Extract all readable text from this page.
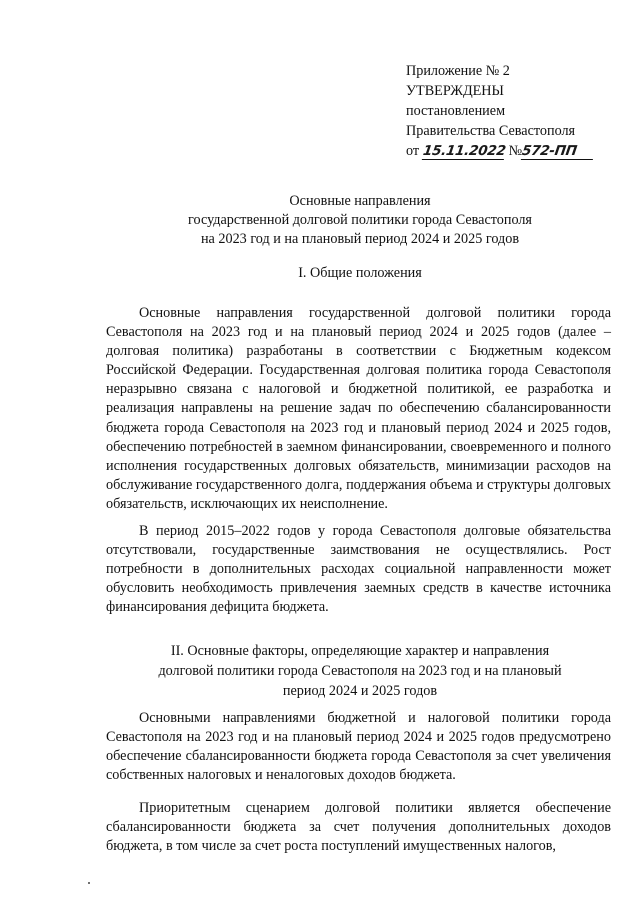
Приложение № 2
УТВЕРЖДЕНЫ
постановлением
Правительства Севастополя
от 15.11.2022 №572-ПП
Основные направления
государственной долговой политики города Севастополя
на 2023 год и на плановый период 2024 и 2025 годов
I. Общие положения
Основные направления государственной долговой политики города Севастополя на 2023 год и на плановый период 2024 и 2025 годов (далее – долговая политика) разработаны в соответствии с Бюджетным кодексом Российской Федерации. Государственная долговая политика города Севастополя неразрывно связана с налоговой и бюджетной политикой, ее разработка и реализация направлены на решение задач по обеспечению сбалансированности бюджета города Севастополя на 2023 год и плановый период 2024 и 2025 годов, обеспечению потребностей в заемном финансировании, своевременного и полного исполнения государственных долговых обязательств, минимизации расходов на обслуживание государственного долга, поддержания объема и структуры долговых обязательств, исключающих их неисполнение.
В период 2015–2022 годов у города Севастополя долговые обязательства отсутствовали, государственные заимствования не осуществлялись. Рост потребности в дополнительных расходах социальной направленности может обусловить необходимость привлечения заемных средств в качестве источника финансирования дефицита бюджета.
II. Основные факторы, определяющие характер и направления
долговой политики города Севастополя на 2023 год и на плановый
период 2024 и 2025 годов
Основными направлениями бюджетной и налоговой политики города Севастополя на 2023 год и на плановый период 2024 и 2025 годов предусмотрено обеспечение сбалансированности бюджета города Севастополя за счет увеличения собственных налоговых и неналоговых доходов бюджета.
Приоритетным сценарием долговой политики является обеспечение сбалансированности бюджета за счет получения дополнительных доходов бюджета, в том числе за счет роста поступлений имущественных налогов,
